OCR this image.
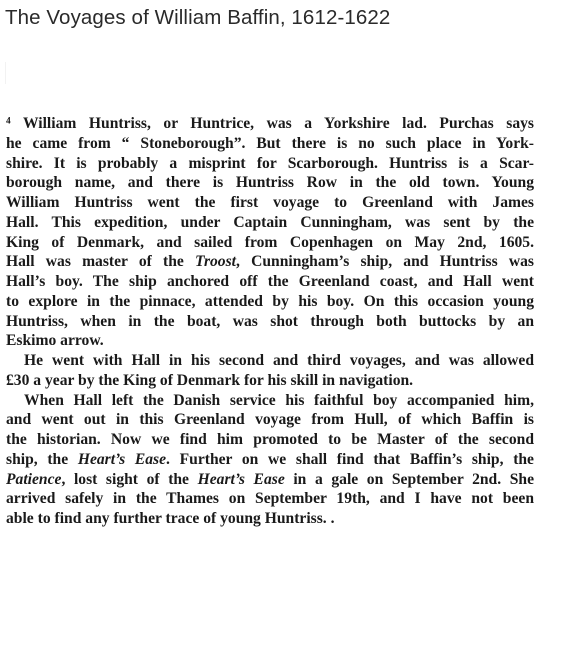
The Voyages of William Baffin, 1612-1622
⁴ William Huntriss, or Huntrice, was a Yorkshire lad. Purchas says
he came from “ Stoneborough”. But there is no such place in York-
shire. It is probably a misprint for Scarborough. Huntriss is a Scar-
borough name, and there is Huntriss Row in the old town. Young
William Huntriss went the first voyage to Greenland with James
Hall. This expedition, under Captain Cunningham, was sent by the
King of Denmark, and sailed from Copenhagen on May 2nd, 1605.
Hall was master of the Troost, Cunningham’s ship, and Huntriss was
Hall’s boy. The ship anchored off the Greenland coast, and Hall went
to explore in the pinnace, attended by his boy. On this occasion young
Huntriss, when in the boat, was shot through both buttocks by an
Eskimo arrow.
He went with Hall in his second and third voyages, and was allowed
£30 a year by the King of Denmark for his skill in navigation.
When Hall left the Danish service his faithful boy accompanied him,
and went out in this Greenland voyage from Hull, of which Baffin is
the historian. Now we find him promoted to be Master of the second
ship, the Heart’s Ease. Further on we shall find that Baffin’s ship, the
Patience, lost sight of the Heart’s Ease in a gale on September 2nd. She
arrived safely in the Thames on September 19th, and I have not been
able to find any further trace of young Huntriss. .
